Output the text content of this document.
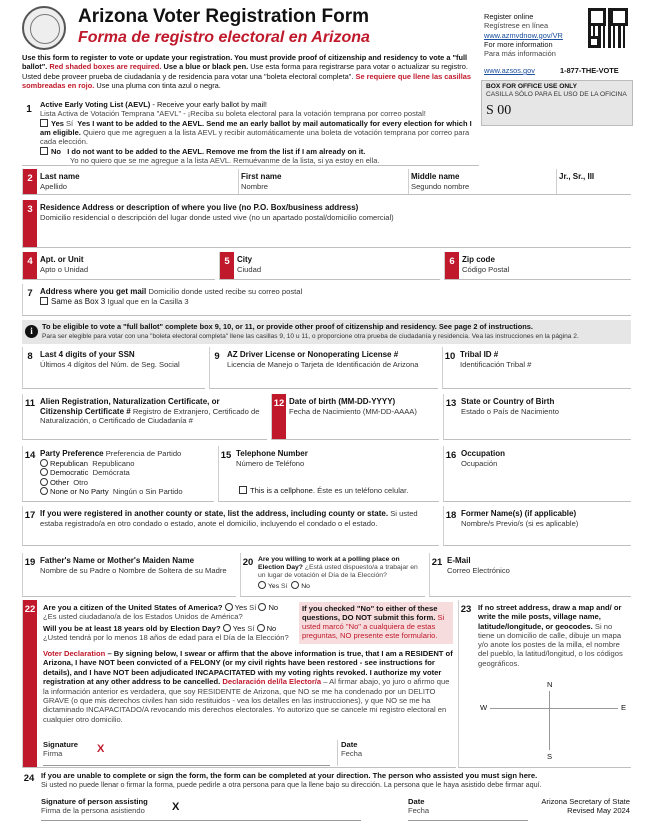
Arizona Voter Registration Form
Forma de registro electoral en Arizona
Use this form to register to vote or update your registration. You must provide proof of citizenship and residency to vote a "full ballot". Red shaded boxes are required. Use a blue or black pen. Use esta forma para registrarse para votar o actualizar su registro. Usted debe proveer prueba de ciudadanía y de residencia para votar una "boleta electoral completa". Se requiere que llene las casillas sombreadas en rojo. Use una pluma con tinta azul o negra.
Register online
Regístrese en línea
www.azmvdnow.gov/VR
For more information
Para más información
www.azsos.gov	1-877-THE-VOTE
BOX FOR OFFICE USE ONLY
CASILLA SÓLO PARA EL USO DE LA OFICINA
S 00
1	Active Early Voting List (AEVL) - Receive your early ballot by mail!
Lista Activa de Votación Temprana "AEVL" - ¡Reciba su boleta electoral para la votación temprana por correo postal!
Yes Sí Yes I want to be added to the AEVL. Send me an early ballot by mail automatically for every election for which I am eligible. Quiero que me agreguen a la lista AEVL y recibir automáticamente una boleta de votación temprana por correo para cada elección.
No I do not want to be added to the AEVL. Remove me from the list if I am already on it.
Yo no quiero que se me agregue a la lista AEVL. Remuévanme de la lista, si ya estoy en ella.
2 Last name
Apellido
First name
Nombre
Middle name
Segundo nombre
Jr., Sr., III
3 Residence Address or description of where you live (no P.O. Box/business address)
Domicilio residencial o descripción del lugar donde usted vive (no un apartado postal/domicilio comercial)
4 Apt. or Unit
Apto o Unidad
5 City
Ciudad
6 Zip code
Código Postal
7 Address where you get mail Domicilio donde usted recibe su correo postal
Same as Box 3 Igual que en la Casilla 3
i	To be eligible to vote a "full ballot" complete box 9, 10, or 11, or provide other proof of citizenship and residency. See page 2 of instructions.
Para ser elegible para votar con una "boleta electoral completa" llene las casillas 9, 10 u 11, o proporcione otra prueba de ciudadanía y residencia. Vea las instrucciones en la página 2.
8 Last 4 digits of your SSN
Últimos 4 dígitos del Núm. de Seg. Social
9 AZ Driver License or Nonoperating License #
Licencia de Manejo o Tarjeta de Identificación de Arizona
10 Tribal ID #
Identificación Tribal #
11 Alien Registration, Naturalization Certificate, or Citizenship Certificate # Registro de Extranjero, Certificado de Naturalización, o Certificado de Ciudadanía #
12 Date of birth (MM-DD-YYYY)
Fecha de Nacimiento (MM-DD-AAAA)
13 State or Country of Birth
Estado o País de Nacimiento
14 Party Preference Preferencia de Partido
Republican Republicano
Democratic Demócrata
Other Otro
None or No Party Ningún o Sin Partido
15 Telephone Number
Número de Teléfono
This is a cellphone. Éste es un teléfono celular.
16 Occupation
Ocupación
17 If you were registered in another county or state, list the address, including county or state. Si usted estaba registrado/a en otro condado o estado, anote el domicilio, incluyendo el condado o el estado.
18 Former Name(s) (if applicable)
Nombre/s Previo/s (si es aplicable)
19 Father's Name or Mother's Maiden Name
Nombre de su Padre o Nombre de Soltera de su Madre
20 Are you willing to work at a polling place on Election Day? ¿Está usted dispuesto/a a trabajar en un lugar de votación el Día de la Elección?
Yes Sí No
21 E-Mail
Correo Electrónico
22 Are you a citizen of the United States of America? Yes Sí No
¿Es usted ciudadano/a de los Estados Unidos de América?
Will you be at least 18 years old by Election Day? Yes Sí No
¿Usted tendrá por lo menos 18 años de edad para el Día de la Elección?
If you checked "No" to either of these questions, DO NOT submit this form. Si usted marcó "No" a cualquiera de estas preguntas, NO presente este formulario.
Voter Declaration – By signing below, I swear or affirm that the above information is true, that I am a RESIDENT of Arizona, I have NOT been convicted of a FELONY (or my civil rights have been restored - see instructions for details), and I have NOT been adjudicated INCAPACITATED with my voting rights revoked. I authorize my voter registration at any other address to be cancelled. Declaración del/la Elector/a – Al firmar abajo, yo juro o afirmo que la información anterior es verdadera, que soy RESIDENTE de Arizona, que NO se me ha condenado por un DELITO GRAVE (o que mis derechos civiles han sido restituidos - vea los detalles en las instrucciones), y que NO se me ha dictaminado INCAPACITADO/A revocando mis derechos electorales. Yo autorizo que se cancele mi registro electoral en cualquier otro domicilio.
Signature
Firma	X	Date
Fecha
23 If no street address, draw a map and/ or write the mile posts, village name, latitude/longitude, or geocodes. Si no tiene un domicilio de calle, dibuje un mapa y/o anote los postes de la milla, el nombre del pueblo, la latitud/longitud, o los códigos geográficos.
N
S
W	E
24 If you are unable to complete or sign the form, the form can be completed at your direction. The person who assisted you must sign here.
Si usted no puede llenar o firmar la forma, puede pedirle a otra persona para que la llene bajo su dirección. La persona que le haya asistido debe firmar aquí.
Signature of person assisting
Firma de la persona asistiendo	X	Date
Fecha
Arizona Secretary of State
Revised May 2024
